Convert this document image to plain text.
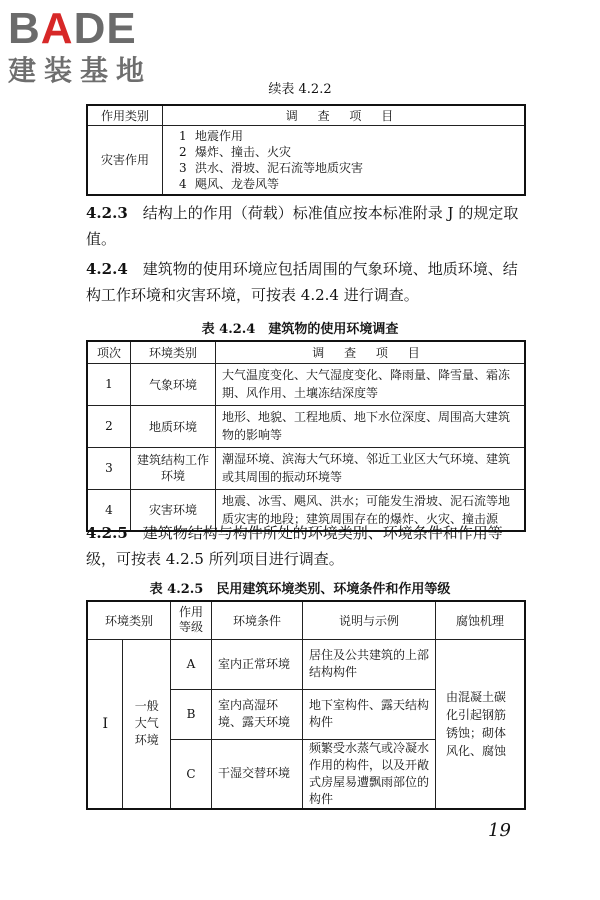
BADE
建装基地
续表 4.2.2
作用类别	调 查 项 目
灾害作用	1 地震作用
2 爆炸、撞击、火灾
3 洪水、滑坡、泥石流等地质灾害
4 飓风、龙卷风等

4.2.3　 结构上的作用（荷载）标准值应按本标准附录 J 的规定取值。

4.2.4　 建筑物的使用环境应包括周围的气象环境、地质环境、结构工作环境和灾害环境，可按表 4.2.4 进行调查。

表 4.2.4　建筑物的使用环境调查
项次	环境类别	调 查 项 目
1	气象环境	大气温度变化、大气湿度变化、降雨量、降雪量、霜冻期、风作用、土壤冻结深度等
2	地质环境	地形、地貌、工程地质、地下水位深度、周围高大建筑物的影响等
3	建筑结构工作环境	潮湿环境、滨海大气环境、邻近工业区大气环境、建筑或其周围的振动环境等
4	灾害环境	地震、冰雪、飓风、洪水；可能发生滑坡、泥石流等地质灾害的地段；建筑周围存在的爆炸、火灾、撞击源

4.2.5　 建筑物结构与构件所处的环境类别、环境条件和作用等级，可按表 4.2.5 所列项目进行调查。

表 4.2.5　民用建筑环境类别、环境条件和作用等级
环境类别		作用等级	环境条件	说明与示例	腐蚀机理
I	一般大气环境	A	室内正常环境	居住及公共建筑的上部结构构件	由混凝土碳化引起钢筋锈蚀；砌体风化、腐蚀
		B	室内高湿环境、露天环境	地下室构件、露天结构构件	
		C	干湿交替环境	频繁受水蒸气或冷凝水作用的构件，以及开敞式房屋易遭飘雨部位的构件	
19
